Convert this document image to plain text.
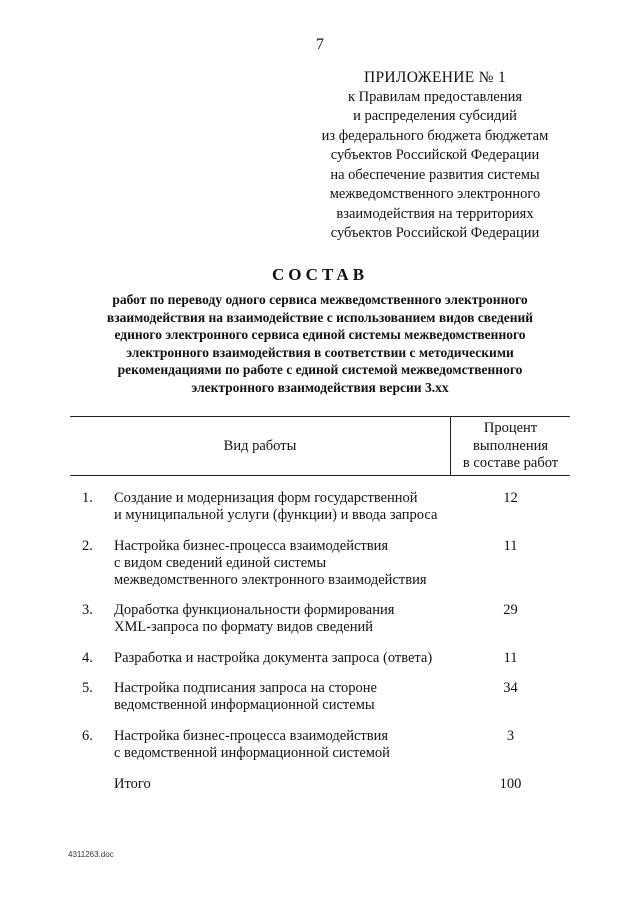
7
ПРИЛОЖЕНИЕ № 1
к Правилам предоставления
и распределения субсидий
из федерального бюджета бюджетам
субъектов Российской Федерации
на обеспечение развития системы
межведомственного электронного
взаимодействия на территориях
субъектов Российской Федерации
СОСТАВ
работ по переводу одного сервиса межведомственного электронного
взаимодействия на взаимодействие с использованием видов сведений
единого электронного сервиса единой системы межведомственного
электронного взаимодействия в соответствии с методическими
рекомендациями по работе с единой системой межведомственного
электронного взаимодействия версии 3.xx
Вид работы
Процент
выполнения
в составе работ
1. Создание и модернизация форм государственной
и муниципальной услуги (функции) и ввода запроса
12
2. Настройка бизнес-процесса взаимодействия
с видом сведений единой системы
межведомственного электронного взаимодействия
11
3. Доработка функциональности формирования
XML-запроса по формату видов сведений
29
4. Разработка и настройка документа запроса (ответа)	11
5. Настройка подписания запроса на стороне
ведомственной информационной системы
34
6. Настройка бизнес-процесса взаимодействия
с ведомственной информационной системой
3
Итого	100
4311263.doc
